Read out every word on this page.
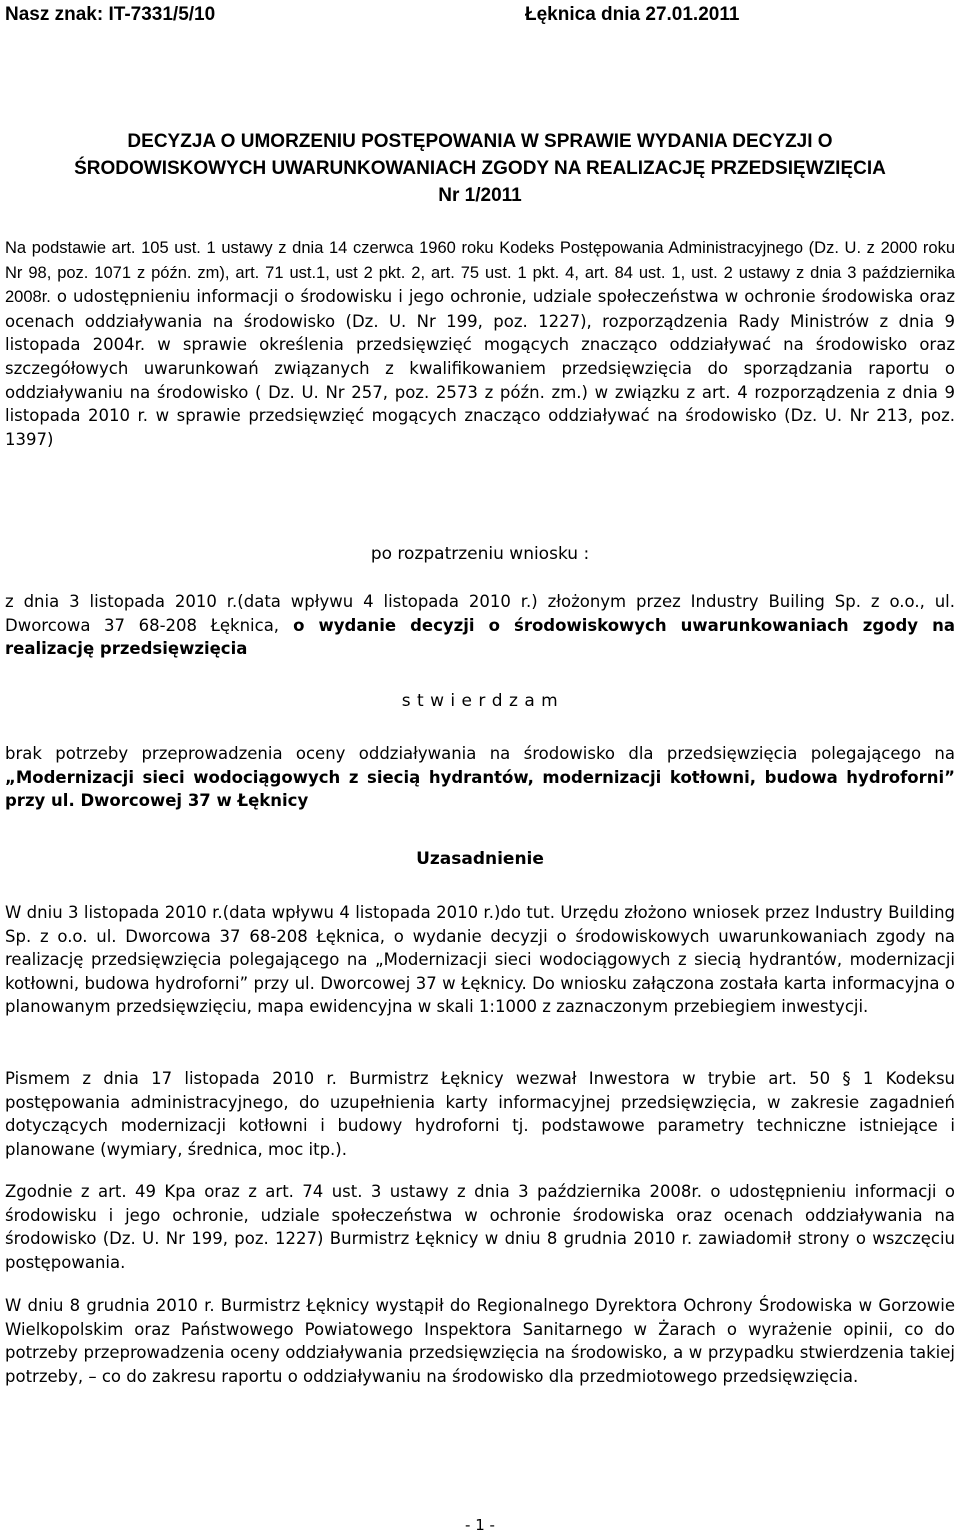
Nasz znak: IT-7331/5/10	Łęknica dnia 27.01.2011
DECYZJA O UMORZENIU POSTĘPOWANIA W SPRAWIE WYDANIA DECYZJI O
ŚRODOWISKOWYCH UWARUNKOWANIACH ZGODY NA REALIZACJĘ PRZEDSIĘWZIĘCIA
Nr 1/2011
Na podstawie art. 105 ust. 1 ustawy z dnia 14 czerwca 1960 roku Kodeks Postępowania Administracyjnego (Dz. U. z 2000 roku Nr 98, poz. 1071 z późn. zm), art. 71 ust.1, ust 2 pkt. 2, art. 75 ust. 1 pkt. 4, art. 84 ust. 1, ust. 2 ustawy z dnia 3 października 2008r. o udostępnieniu informacji o środowisku i jego ochronie, udziale społeczeństwa w ochronie środowiska oraz ocenach oddziaływania na środowisko (Dz. U. Nr 199, poz. 1227), rozporządzenia Rady Ministrów z dnia 9 listopada 2004r. w sprawie określenia przedsięwzięć mogących znacząco oddziaływać na środowisko oraz szczegółowych uwarunkowań związanych z kwalifikowaniem przedsięwzięcia do sporządzania raportu o oddziaływaniu na środowisko ( Dz. U. Nr 257, poz. 2573 z późn. zm.) w związku z art. 4 rozporządzenia z dnia 9 listopada 2010 r. w sprawie przedsięwzięć mogących znacząco oddziaływać na środowisko (Dz. U. Nr 213, poz. 1397)
po rozpatrzeniu wniosku :
z dnia 3 listopada 2010 r.(data wpływu 4 listopada 2010 r.) złożonym przez Industry Builing Sp. z o.o., ul. Dworcowa 37 68-208 Łęknica, o wydanie decyzji o środowiskowych uwarunkowaniach zgody na realizację przedsięwzięcia
s t w i e r d z a m
brak potrzeby przeprowadzenia oceny oddziaływania na środowisko dla przedsięwzięcia polegającego na „Modernizacji sieci wodociągowych z siecią hydrantów, modernizacji kotłowni, budowa hydroforni” przy ul. Dworcowej 37 w Łęknicy
Uzasadnienie
W dniu 3 listopada 2010 r.(data wpływu 4 listopada 2010 r.)do tut. Urzędu złożono wniosek przez Industry Building Sp. z o.o. ul. Dworcowa 37 68-208 Łęknica, o wydanie decyzji o środowiskowych uwarunkowaniach zgody na realizację przedsięwzięcia polegającego na „Modernizacji sieci wodociągowych z siecią hydrantów, modernizacji kotłowni, budowa hydroforni” przy ul. Dworcowej 37 w Łęknicy. Do wniosku załączona została karta informacyjna o planowanym przedsięwzięciu, mapa ewidencyjna w skali 1:1000 z zaznaczonym przebiegiem inwestycji.
Pismem z dnia 17 listopada 2010 r. Burmistrz Łęknicy wezwał Inwestora w trybie art. 50 § 1 Kodeksu postępowania administracyjnego, do uzupełnienia karty informacyjnej przedsięwzięcia, w zakresie zagadnień dotyczących modernizacji kotłowni i budowy hydroforni tj. podstawowe parametry techniczne istniejące i planowane (wymiary, średnica, moc itp.).
Zgodnie z art. 49 Kpa oraz z art. 74 ust. 3 ustawy z dnia 3 października 2008r. o udostępnieniu informacji o środowisku i jego ochronie, udziale społeczeństwa w ochronie środowiska oraz ocenach oddziaływania na środowisko (Dz. U. Nr 199, poz. 1227) Burmistrz Łęknicy w dniu 8 grudnia 2010 r. zawiadomił strony o wszczęciu postępowania.
W dniu 8 grudnia 2010 r. Burmistrz Łęknicy wystąpił do Regionalnego Dyrektora Ochrony Środowiska w Gorzowie Wielkopolskim oraz Państwowego Powiatowego Inspektora Sanitarnego w Żarach o wyrażenie opinii, co do potrzeby przeprowadzenia oceny oddziaływania przedsięwzięcia na środowisko, a w przypadku stwierdzenia takiej potrzeby, – co do zakresu raportu o oddziaływaniu na środowisko dla przedmiotowego przedsięwzięcia.
- 1 -
